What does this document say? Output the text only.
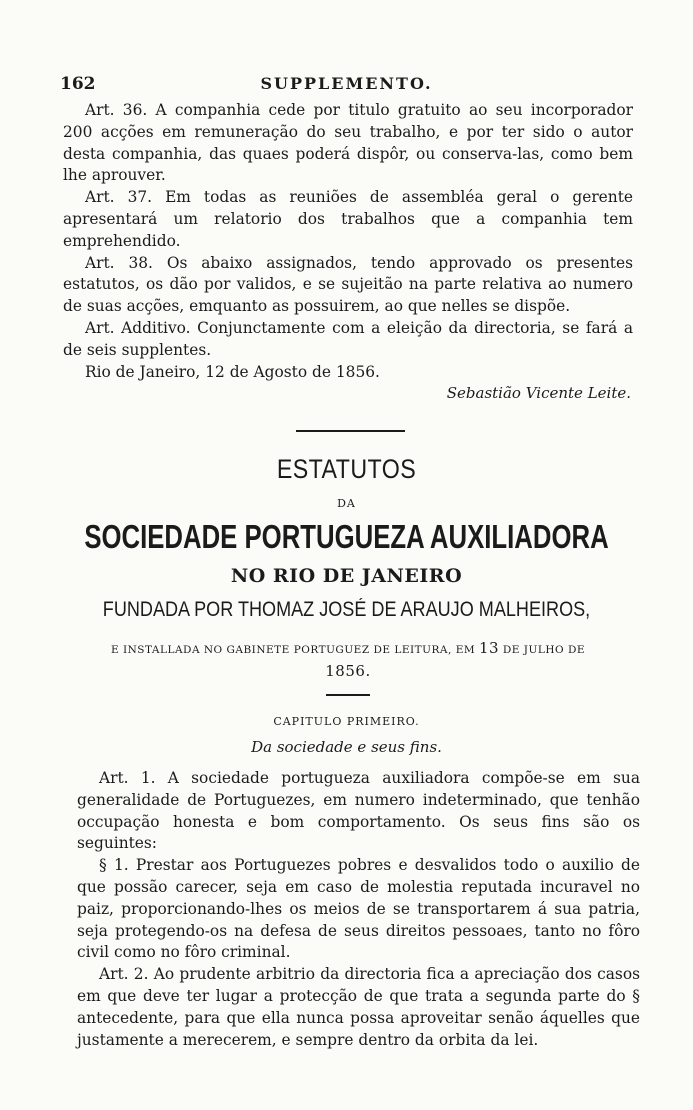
162	SUPPLEMENTO.

Art. 36. A companhia cede por titulo gratuito ao seu incorporador 200 acções em remuneração do seu trabalho, e por ter sido o autor desta companhia, das quaes poderá dispôr, ou conserva-las, como bem lhe aprouver.

Art. 37. Em todas as reuniões de assembléa geral o gerente apresentará um relatorio dos trabalhos que a companhia tem emprehendido.

Art. 38. Os abaixo assignados, tendo approvado os presentes estatutos, os dão por validos, e se sujeitão na parte relativa ao numero de suas acções, emquanto as possuirem, ao que nelles se dispõe.

Art. Additivo. Conjunctamente com a eleição da directoria, se fará a de seis supplentes.

Rio de Janeiro, 12 de Agosto de 1856.

Sebastião Vicente Leite.

ESTATUTOS
DA
SOCIEDADE PORTUGUEZA AUXILIADORA
NO RIO DE JANEIRO
FUNDADA POR THOMAZ JOSÉ DE ARAUJO MALHEIROS,
E INSTALLADA NO GABINETE PORTUGUEZ DE LEITURA, EM 13 DE JULHO DE 1856.
CAPITULO PRIMEIRO.
Da sociedade e seus fins.

Art. 1. A sociedade portugueza auxiliadora compõe-se em sua generalidade de Portuguezes, em numero indeterminado, que tenhão occupação honesta e bom comportamento. Os seus fins são os seguintes:

§ 1. Prestar aos Portuguezes pobres e desvalidos todo o auxilio de que possão carecer, seja em caso de molestia reputada incuravel no paiz, proporcionando-lhes os meios de se transportarem á sua patria, seja protegendo-os na defesa de seus direitos pessoaes, tanto no fôro civil como no fôro criminal.

Art. 2. Ao prudente arbitrio da directoria fica a apreciação dos casos em que deve ter lugar a protecção de que trata a segunda parte do § antecedente, para que ella nunca possa aproveitar senão áquelles que justamente a merecerem, e sempre dentro da orbita da lei.
